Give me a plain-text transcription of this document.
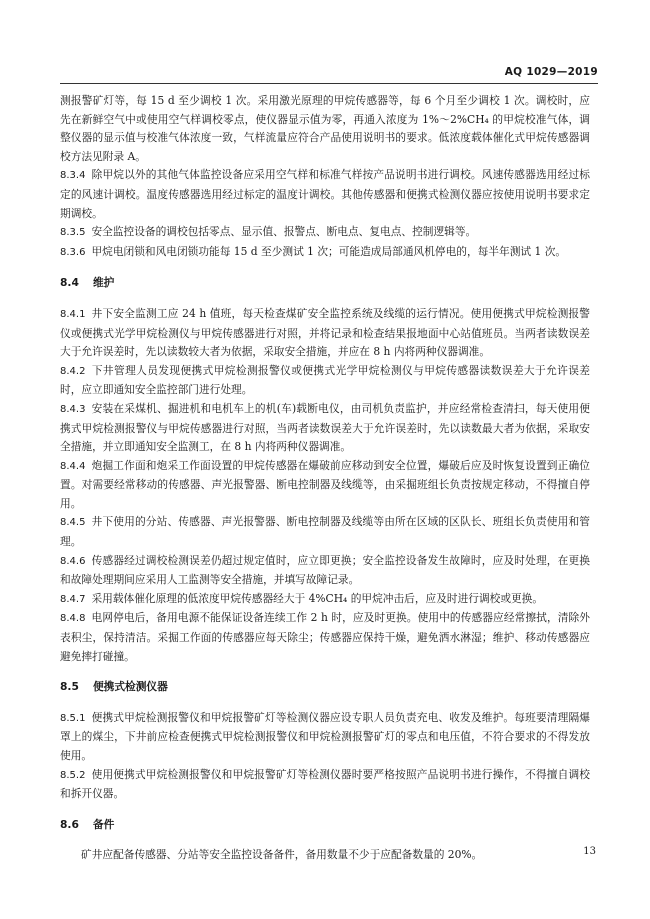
AQ 1029—2019

测报警矿灯等，每 15 d 至少调校 1 次。采用激光原理的甲烷传感器等，每 6 个月至少调校 1 次。调校时，应先在新鲜空气中或使用空气样调校零点，使仪器显示值为零，再通入浓度为 1%～2%CH₄ 的甲烷校准气体，调整仪器的显示值与校准气体浓度一致，气样流量应符合产品使用说明书的要求。低浓度载体催化式甲烷传感器调校方法见附录 A。

8.3.4 除甲烷以外的其他气体监控设备应采用空气样和标准气样按产品说明书进行调校。风速传感器选用经过标定的风速计调校。温度传感器选用经过标定的温度计调校。其他传感器和便携式检测仪器应按使用说明书要求定期调校。

8.3.5 安全监控设备的调校包括零点、显示值、报警点、断电点、复电点、控制逻辑等。

8.3.6 甲烷电闭锁和风电闭锁功能每 15 d 至少测试 1 次；可能造成局部通风机停电的，每半年测试 1 次。

8.4 维护

8.4.1 井下安全监测工应 24 h 值班，每天检查煤矿安全监控系统及线缆的运行情况。使用便携式甲烷检测报警仪或便携式光学甲烷检测仪与甲烷传感器进行对照，并将记录和检查结果报地面中心站值班员。当两者读数误差大于允许误差时，先以读数较大者为依据，采取安全措施，并应在 8 h 内将两种仪器调准。

8.4.2 下井管理人员发现便携式甲烷检测报警仪或便携式光学甲烷检测仪与甲烷传感器读数误差大于允许误差时，应立即通知安全监控部门进行处理。

8.4.3 安装在采煤机、掘进机和电机车上的机(车)载断电仪，由司机负责监护，并应经常检查清扫，每天使用便携式甲烷检测报警仪与甲烷传感器进行对照，当两者读数误差大于允许误差时，先以读数最大者为依据，采取安全措施，并立即通知安全监测工，在 8 h 内将两种仪器调准。

8.4.4 炮掘工作面和炮采工作面设置的甲烷传感器在爆破前应移动到安全位置，爆破后应及时恢复设置到正确位置。对需要经常移动的传感器、声光报警器、断电控制器及线缆等，由采掘班组长负责按规定移动，不得擅自停用。

8.4.5 井下使用的分站、传感器、声光报警器、断电控制器及线缆等由所在区域的区队长、班组长负责使用和管理。

8.4.6 传感器经过调校检测误差仍超过规定值时，应立即更换；安全监控设备发生故障时，应及时处理，在更换和故障处理期间应采用人工监测等安全措施，并填写故障记录。

8.4.7 采用载体催化原理的低浓度甲烷传感器经大于 4%CH₄ 的甲烷冲击后，应及时进行调校或更换。

8.4.8 电网停电后，备用电源不能保证设备连续工作 2 h 时，应及时更换。使用中的传感器应经常擦拭，清除外表积尘，保持清洁。采掘工作面的传感器应每天除尘；传感器应保持干燥，避免洒水淋湿；维护、移动传感器应避免摔打碰撞。

8.5 便携式检测仪器

8.5.1 便携式甲烷检测报警仪和甲烷报警矿灯等检测仪器应设专职人员负责充电、收发及维护。每班要清理隔爆罩上的煤尘，下井前应检查便携式甲烷检测报警仪和甲烷检测报警矿灯的零点和电压值，不符合要求的不得发放使用。

8.5.2 使用便携式甲烷检测报警仪和甲烷报警矿灯等检测仪器时要严格按照产品说明书进行操作，不得擅自调校和拆开仪器。

8.6 备件

矿井应配备传感器、分站等安全监控设备备件，备用数量不少于应配备数量的 20%。	13
